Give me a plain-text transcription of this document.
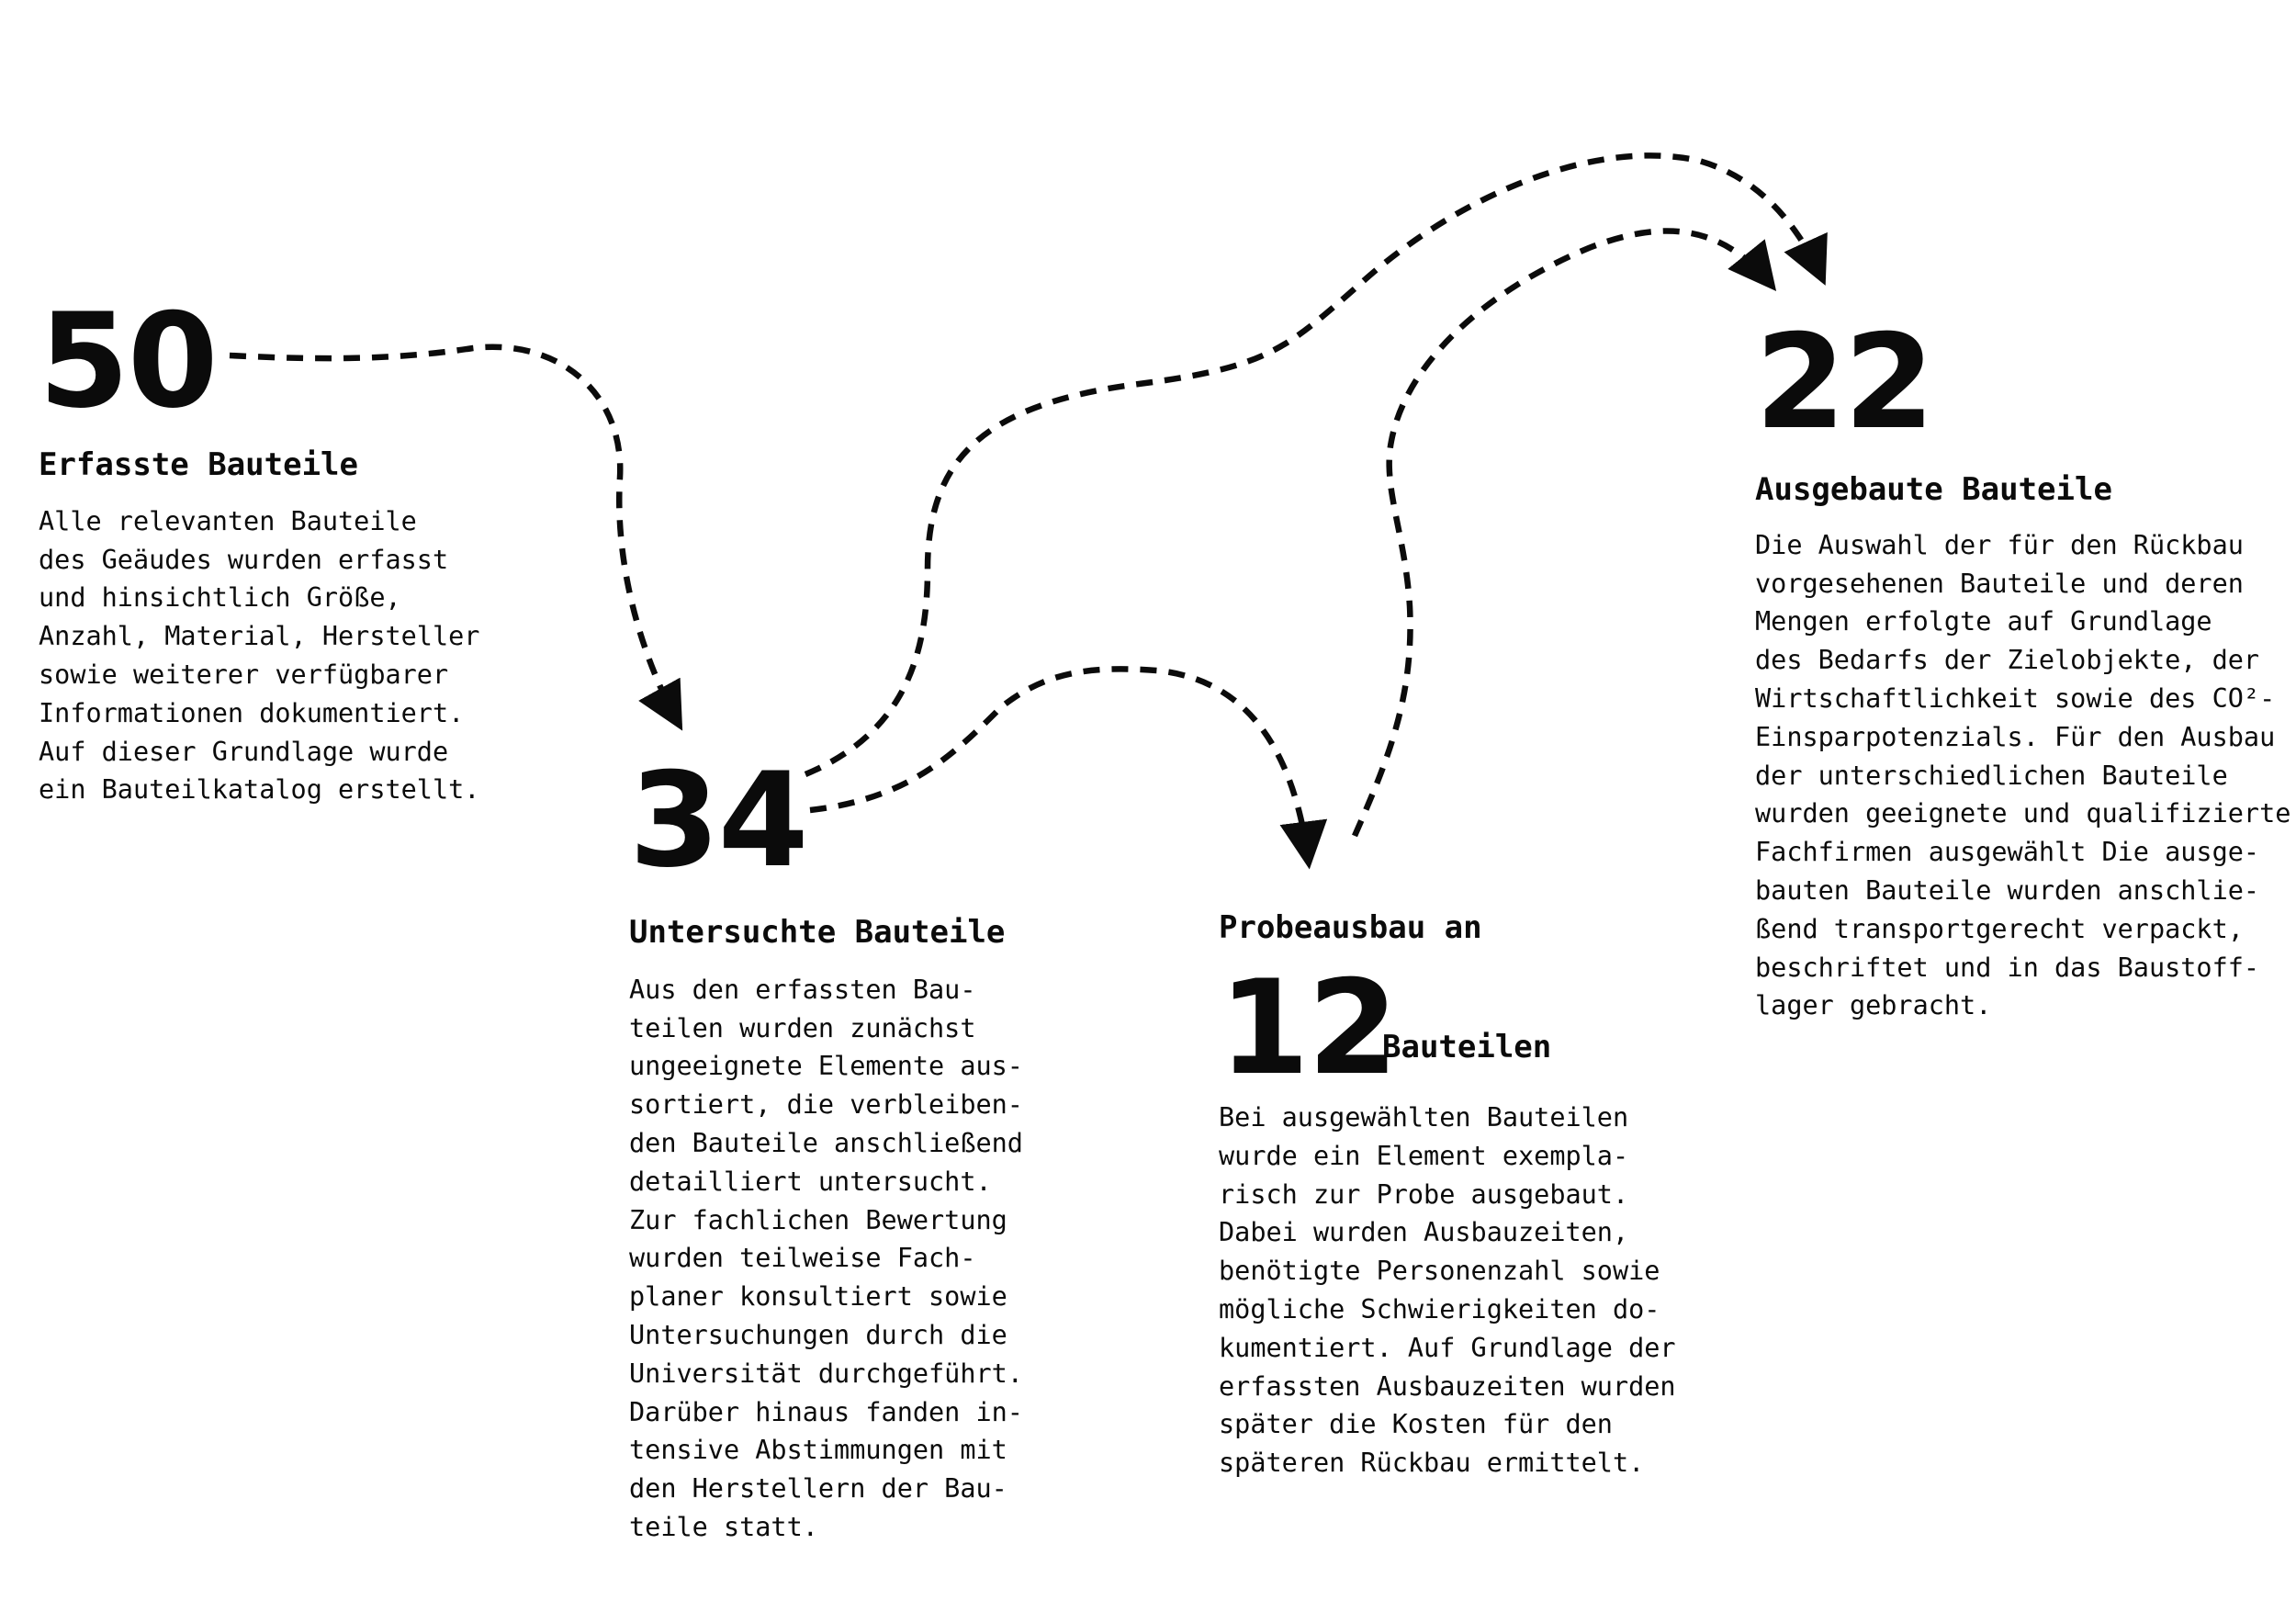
50
Erfasste Bauteile
Alle relevanten Bauteile
des Geäudes wurden erfasst
und hinsichtlich Größe,
Anzahl, Material, Hersteller
sowie weiterer verfügbarer
Informationen dokumentiert.
Auf dieser Grundlage wurde
ein Bauteilkatalog erstellt. 34
Untersuchte Bauteile
Aus den erfassten Bau-
teilen wurden zunächst
ungeeignete Elemente aus-
sortiert, die verbleiben-
den Bauteile anschließend
detailliert untersucht.
Zur fachlichen Bewertung
wurden teilweise Fach-
planer konsultiert sowie
Untersuchungen durch die
Universität durchgeführt.
Darüber hinaus fanden in-
tensive Abstimmungen mit
den Herstellern der Bau-
teile statt.
Probeausbau an
12
Bauteilen
Bei ausgewählten Bauteilen
wurde ein Element exempla-
risch zur Probe ausgebaut.
Dabei wurden Ausbauzeiten,
benötigte Personenzahl sowie
mögliche Schwierigkeiten do-
kumentiert. Auf Grundlage der
erfassten Ausbauzeiten wurden
später die Kosten für den
späteren Rückbau ermittelt.
22
Ausgebaute Bauteile
Die Auswahl der für den Rückbau
vorgesehenen Bauteile und deren
Mengen erfolgte auf Grundlage
des Bedarfs der Zielobjekte, der
Wirtschaftlichkeit sowie des CO²-
Einsparpotenzials. Für den Ausbau
der unterschiedlichen Bauteile
wurden geeignete und qualifizierte
Fachfirmen ausgewählt Die ausge-
bauten Bauteile wurden anschlie-
ßend transportgerecht verpackt,
beschriftet und in das Baustoff-
lager gebracht.
